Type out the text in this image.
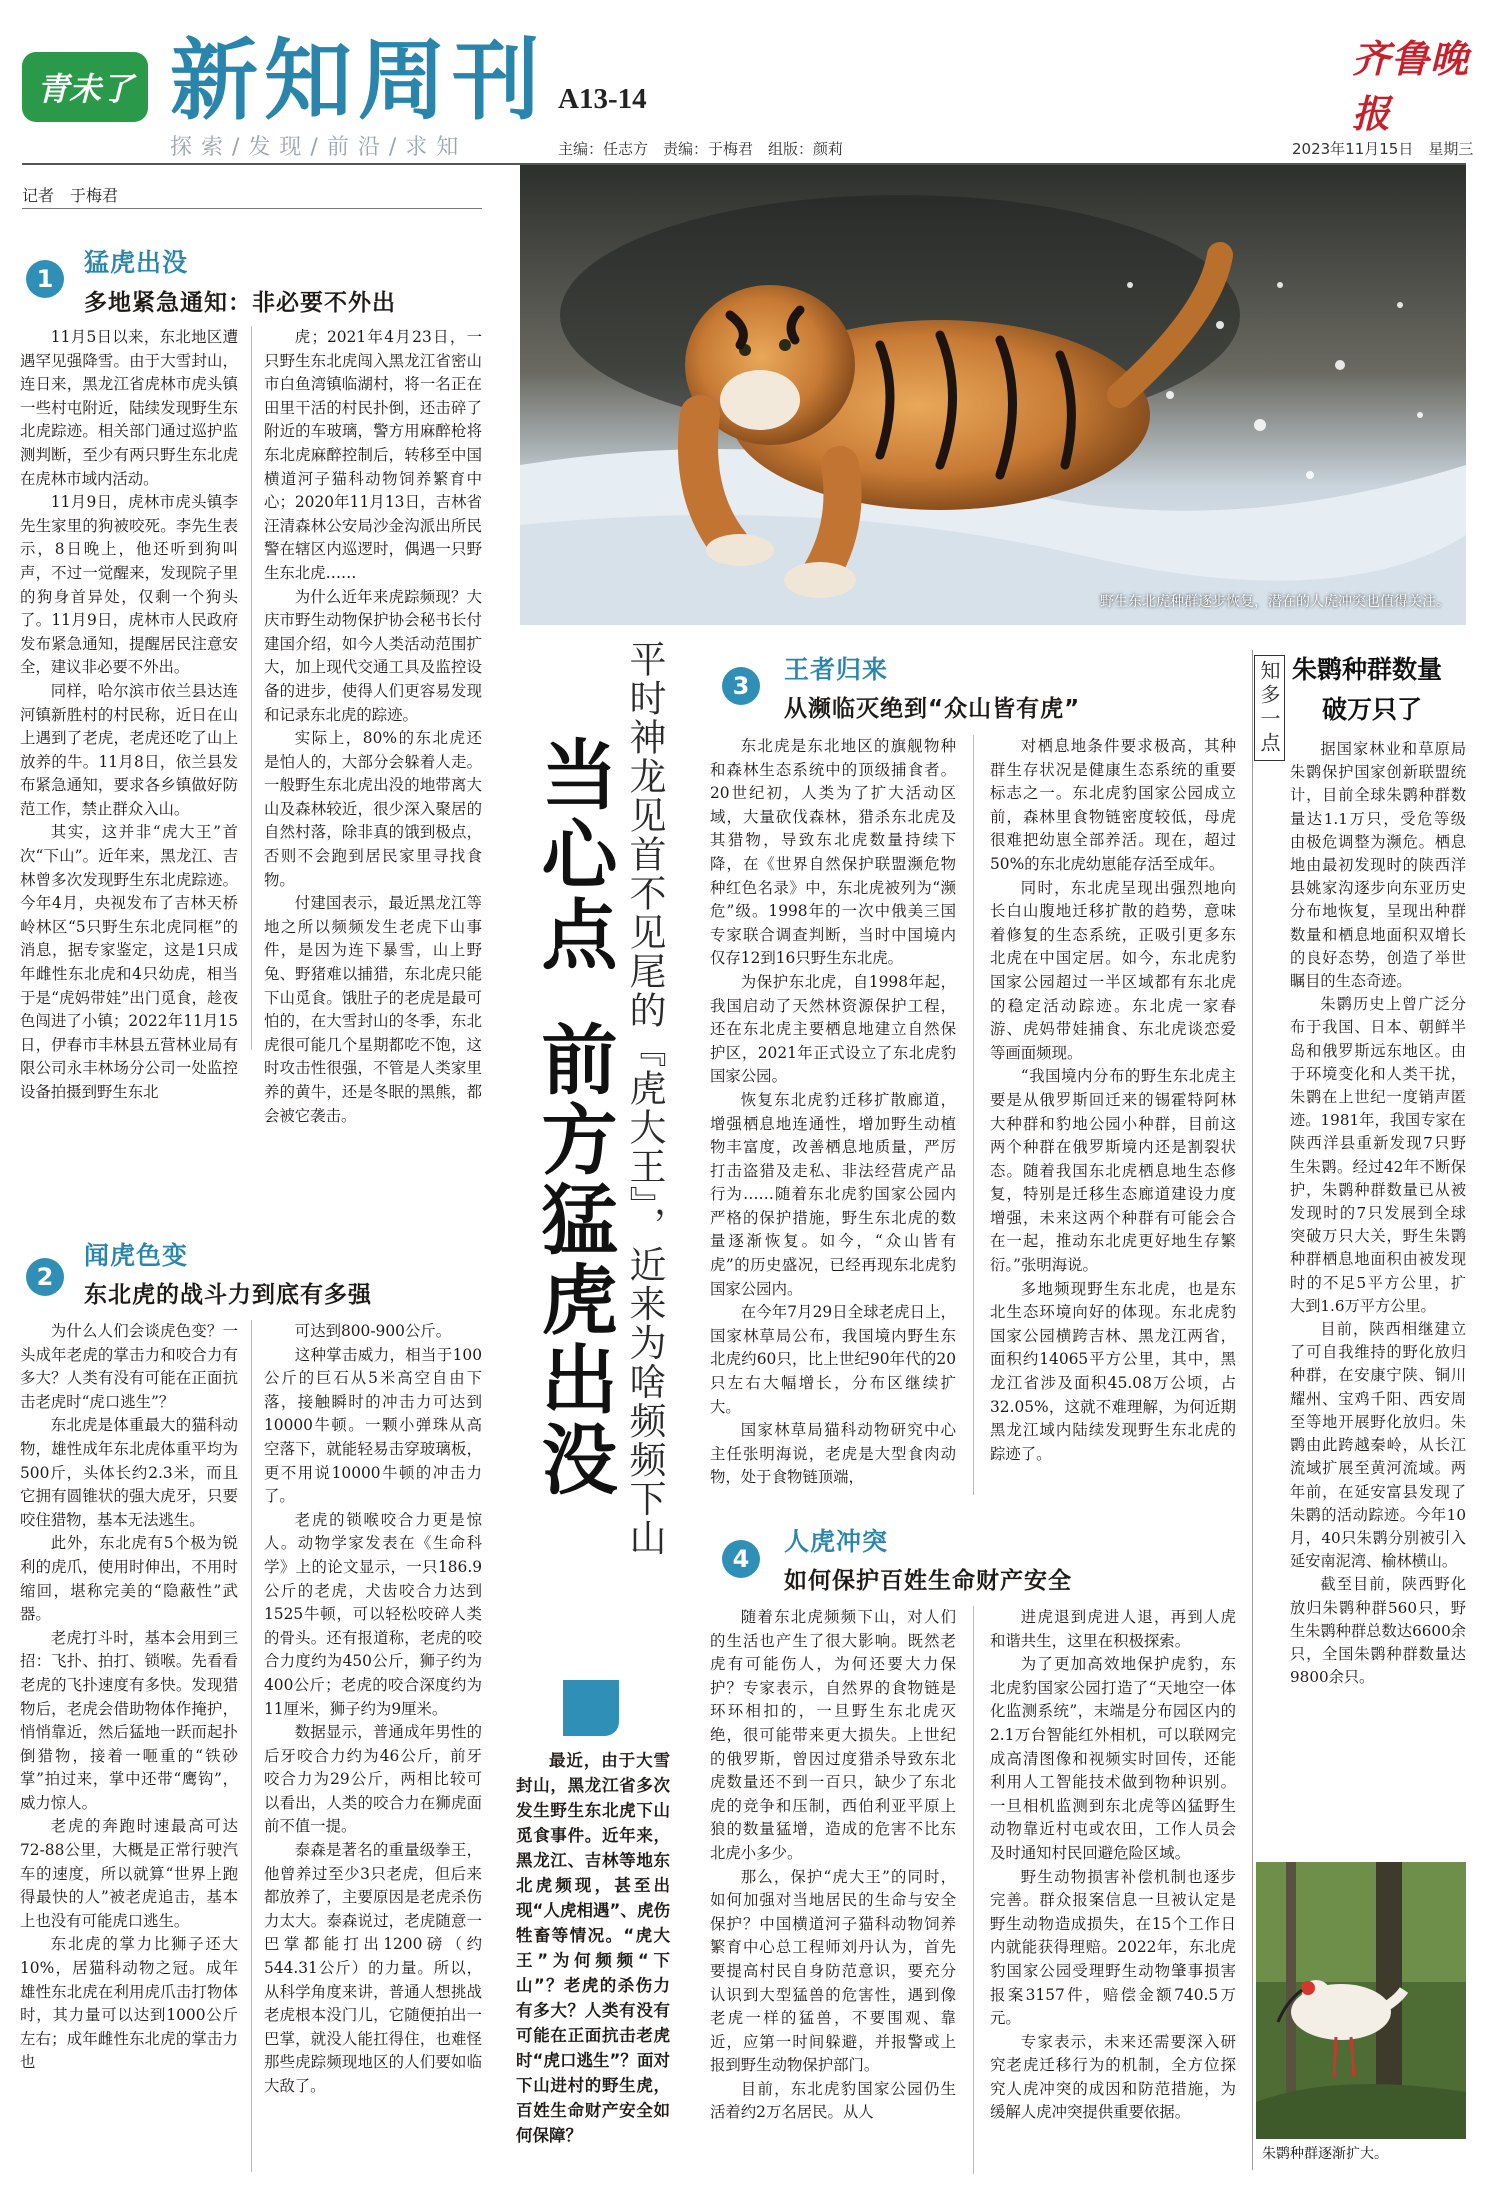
青未了 新知周刊 A13-14
探索/发现/前沿/求知	主编：任志方　责编：于梅君　组版：颜莉	2023年11月15日　星期三
齐鲁晚报
记者　于梅君
野生东北虎种群逐步恢复，潜在的人虎冲突也值得关注。
1
猛虎出没
多地紧急通知：非必要不外出

11月5日以来，东北地区遭遇罕见强降雪。由于大雪封山，连日来，黑龙江省虎林市虎头镇一些村屯附近，陆续发现野生东北虎踪迹。相关部门通过巡护监测判断，至少有两只野生东北虎在虎林市域内活动。

11月9日，虎林市虎头镇李先生家里的狗被咬死。李先生表示，8日晚上，他还听到狗叫声，不过一觉醒来，发现院子里的狗身首异处，仅剩一个狗头了。11月9日，虎林市人民政府发布紧急通知，提醒居民注意安全，建议非必要不外出。

同样，哈尔滨市依兰县达连河镇新胜村的村民称，近日在山上遇到了老虎，老虎还吃了山上放养的牛。11月8日，依兰县发布紧急通知，要求各乡镇做好防范工作，禁止群众入山。

其实，这并非“虎大王”首次“下山”。近年来，黑龙江、吉林曾多次发现野生东北虎踪迹。今年4月，央视发布了吉林天桥岭林区“5只野生东北虎同框”的消息，据专家鉴定，这是1只成年雌性东北虎和4只幼虎，相当于是“虎妈带娃”出门觅食，趁夜色闯进了小镇；2022年11月15日，伊春市丰林县五营林业局有限公司永丰林场分公司一处监控设备拍摄到野生东北

虎；2021年4月23日，一只野生东北虎闯入黑龙江省密山市白鱼湾镇临湖村，将一名正在田里干活的村民扑倒，还击碎了附近的车玻璃，警方用麻醉枪将东北虎麻醉控制后，转移至中国横道河子猫科动物饲养繁育中心；2020年11月13日，吉林省汪清森林公安局沙金沟派出所民警在辖区内巡逻时，偶遇一只野生东北虎……

为什么近年来虎踪频现？大庆市野生动物保护协会秘书长付建国介绍，如今人类活动范围扩大，加上现代交通工具及监控设备的进步，使得人们更容易发现和记录东北虎的踪迹。

实际上，80%的东北虎还是怕人的，大部分会躲着人走。一般野生东北虎出没的地带离大山及森林较近，很少深入聚居的自然村落，除非真的饿到极点，否则不会跑到居民家里寻找食物。

付建国表示，最近黑龙江等地之所以频频发生老虎下山事件，是因为连下暴雪，山上野兔、野猪难以捕猎，东北虎只能下山觅食。饿肚子的老虎是最可怕的，在大雪封山的冬季，东北虎很可能几个星期都吃不饱，这时攻击性很强，不管是人类家里养的黄牛，还是冬眠的黑熊，都会被它袭击。

2
闻虎色变
东北虎的战斗力到底有多强

为什么人们会谈虎色变？一头成年老虎的掌击力和咬合力有多大？人类有没有可能在正面抗击老虎时“虎口逃生”？

东北虎是体重最大的猫科动物，雄性成年东北虎体重平均为500斤，头体长约2.3米，而且它拥有圆锥状的强大虎牙，只要咬住猎物，基本无法逃生。

此外，东北虎有5个极为锐利的虎爪，使用时伸出，不用时缩回，堪称完美的“隐蔽性”武器。

老虎打斗时，基本会用到三招：飞扑、拍打、锁喉。先看看老虎的飞扑速度有多快。发现猎物后，老虎会借助物体作掩护，悄悄靠近，然后猛地一跃而起扑倒猎物，接着一咂重的“铁砂掌”拍过来，掌中还带“鹰钩”，威力惊人。

老虎的奔跑时速最高可达72-88公里，大概是正常行驶汽车的速度，所以就算“世界上跑得最快的人”被老虎追击，基本上也没有可能虎口逃生。

东北虎的掌力比狮子还大10%，居猫科动物之冠。成年雄性东北虎在利用虎爪击打物体时，其力量可以达到1000公斤左右；成年雌性东北虎的掌击力也

可达到800-900公斤。

这种掌击威力，相当于100公斤的巨石从5米高空自由下落，接触瞬时的冲击力可达到10000牛顿。一颗小弹珠从高空落下，就能轻易击穿玻璃板，更不用说10000牛顿的冲击力了。

老虎的锁喉咬合力更是惊人。动物学家发表在《生命科学》上的论文显示，一只186.9公斤的老虎，犬齿咬合力达到1525牛顿，可以轻松咬碎人类的骨头。还有报道称，老虎的咬合力度约为450公斤，狮子约为400公斤；老虎的咬合深度约为11厘米，狮子约为9厘米。

数据显示，普通成年男性的后牙咬合力约为46公斤，前牙咬合力为29公斤，两相比较可以看出，人类的咬合力在狮虎面前不值一提。

泰森是著名的重量级拳王，他曾养过至少3只老虎，但后来都放养了，主要原因是老虎杀伤力太大。泰森说过，老虎随意一巴掌都能打出1200磅（约544.31公斤）的力量。所以，从科学角度来讲，普通人想挑战老虎根本没门儿，它随便拍出一巴掌，就没人能扛得住，也难怪那些虎踪频现地区的人们要如临大敌了。

平时神龙见首不见尾的『虎大王』，近来为啥频频下山
当心点
前方猛虎出没
最近，由于大雪封山，黑龙江省多次发生野生东北虎下山觅食事件。近年来，黑龙江、吉林等地东北虎频现，甚至出现“人虎相遇”、虎伤牲畜等情况。“虎大王”为何频频“下山”？老虎的杀伤力有多大？人类有没有可能在正面抗击老虎时“虎口逃生”？面对下山进村的野生虎，百姓生命财产安全如何保障？
3
王者归来
从濒临灭绝到“众山皆有虎”

东北虎是东北地区的旗舰物种和森林生态系统中的顶级捕食者。20世纪初，人类为了扩大活动区域，大量砍伐森林，猎杀东北虎及其猎物，导致东北虎数量持续下降，在《世界自然保护联盟濒危物种红色名录》中，东北虎被列为“濒危”级。1998年的一次中俄美三国专家联合调查判断，当时中国境内仅存12到16只野生东北虎。

为保护东北虎，自1998年起，我国启动了天然林资源保护工程，还在东北虎主要栖息地建立自然保护区，2021年正式设立了东北虎豹国家公园。

恢复东北虎豹迁移扩散廊道，增强栖息地连通性，增加野生动植物丰富度，改善栖息地质量，严厉打击盗猎及走私、非法经营虎产品行为……随着东北虎豹国家公园内严格的保护措施，野生东北虎的数量逐渐恢复。如今，“众山皆有虎”的历史盛况，已经再现东北虎豹国家公园内。

在今年7月29日全球老虎日上，国家林草局公布，我国境内野生东北虎约60只，比上世纪90年代的20只左右大幅增长，分布区继续扩大。

国家林草局猫科动物研究中心主任张明海说，老虎是大型食肉动物，处于食物链顶端，

对栖息地条件要求极高，其种群生存状况是健康生态系统的重要标志之一。东北虎豹国家公园成立前，森林里食物链密度较低，母虎很难把幼崽全部养活。现在，超过50%的东北虎幼崽能存活至成年。

同时，东北虎呈现出强烈地向长白山腹地迁移扩散的趋势，意味着修复的生态系统，正吸引更多东北虎在中国定居。如今，东北虎豹国家公园超过一半区域都有东北虎的稳定活动踪迹。东北虎一家春游、虎妈带娃捕食、东北虎谈恋爱等画面频现。

“我国境内分布的野生东北虎主要是从俄罗斯回迁来的锡霍特阿林大种群和豹地公园小种群，目前这两个种群在俄罗斯境内还是割裂状态。随着我国东北虎栖息地生态修复，特别是迁移生态廊道建设力度增强，未来这两个种群有可能会合在一起，推动东北虎更好地生存繁衍。”张明海说。

多地频现野生东北虎，也是东北生态环境向好的体现。东北虎豹国家公园横跨吉林、黑龙江两省，面积约14065平方公里，其中，黑龙江省涉及面积45.08万公顷，占32.05%，这就不难理解，为何近期黑龙江域内陆续发现野生东北虎的踪迹了。

4
人虎冲突
如何保护百姓生命财产安全

随着东北虎频频下山，对人们的生活也产生了很大影响。既然老虎有可能伤人，为何还要大力保护？专家表示，自然界的食物链是环环相扣的，一旦野生东北虎灭绝，很可能带来更大损失。上世纪的俄罗斯，曾因过度猎杀导致东北虎数量还不到一百只，缺少了东北虎的竞争和压制，西伯利亚平原上狼的数量猛增，造成的危害不比东北虎小多少。

那么，保护“虎大王”的同时，如何加强对当地居民的生命与安全保护？中国横道河子猫科动物饲养繁育中心总工程师刘丹认为，首先要提高村民自身防范意识，要充分认识到大型猛兽的危害性，遇到像老虎一样的猛兽，不要围观、靠近，应第一时间躲避，并报警或上报到野生动物保护部门。

目前，东北虎豹国家公园仍生活着约2万名居民。从人

进虎退到虎进人退，再到人虎和谐共生，这里在积极探索。

为了更加高效地保护虎豹，东北虎豹国家公园打造了“天地空一体化监测系统”，末端是分布园区内的2.1万台智能红外相机，可以联网完成高清图像和视频实时回传，还能利用人工智能技术做到物种识别。一旦相机监测到东北虎等凶猛野生动物靠近村屯或农田，工作人员会及时通知村民回避危险区域。

野生动物损害补偿机制也逐步完善。群众报案信息一旦被认定是野生动物造成损失，在15个工作日内就能获得理赔。2022年，东北虎豹国家公园受理野生动物肇事损害报案3157件，赔偿金额740.5万元。

专家表示，未来还需要深入研究老虎迁移行为的机制，全方位探究人虎冲突的成因和防范措施，为缓解人虎冲突提供重要依据。

知多一点 朱鹮种群数量
破万只了

据国家林业和草原局朱鹮保护国家创新联盟统计，目前全球朱鹮种群数量达1.1万只，受危等级由极危调整为濒危。栖息地由最初发现时的陕西洋县姚家沟逐步向东亚历史分布地恢复，呈现出种群数量和栖息地面积双增长的良好态势，创造了举世瞩目的生态奇迹。

朱鹮历史上曾广泛分布于我国、日本、朝鲜半岛和俄罗斯远东地区。由于环境变化和人类干扰，朱鹮在上世纪一度销声匿迹。1981年，我国专家在陕西洋县重新发现7只野生朱鹮。经过42年不断保护，朱鹮种群数量已从被发现时的7只发展到全球突破万只大关，野生朱鹮种群栖息地面积由被发现时的不足5平方公里，扩大到1.6万平方公里。

目前，陕西相继建立了可自我维持的野化放归种群，在安康宁陕、铜川耀州、宝鸡千阳、西安周至等地开展野化放归。朱鹮由此跨越秦岭，从长江流域扩展至黄河流域。两年前，在延安富县发现了朱鹮的活动踪迹。今年10月，40只朱鹮分别被引入延安南泥湾、榆林横山。

截至目前，陕西野化放归朱鹮种群560只，野生朱鹮种群总数达6600余只，全国朱鹮种群数量达9800余只。

朱鹮种群逐渐扩大。
